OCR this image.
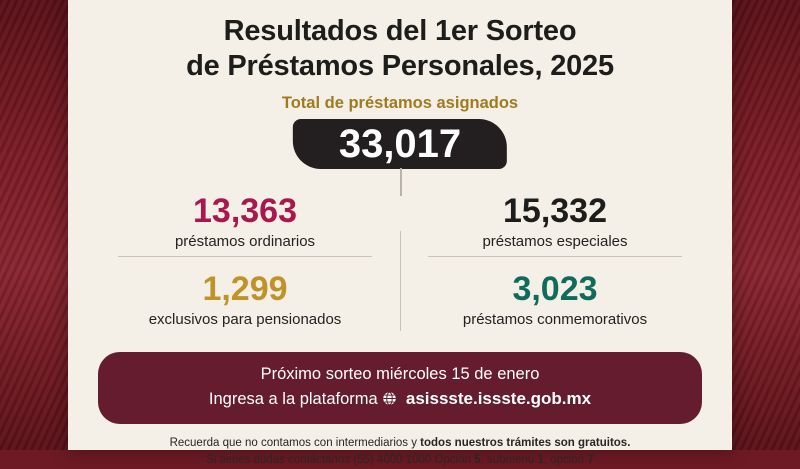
Resultados del 1er Sorteo
de Préstamos Personales, 2025
Total de préstamos asignados
33,017
13,363
préstamos ordinarios
15,332
préstamos especiales
1,299
exclusivos para pensionados
3,023
préstamos conmemorativos
Próximo sorteo miércoles 15 de enero
Ingresa a la plataforma asissste.issste.gob.mx
Recuerda que no contamos con intermediarios y todos nuestros trámites son gratuitos.
Si tienes dudas contáctanos (55) 4000 1000 Opción 5, submenú 1, opción 7
